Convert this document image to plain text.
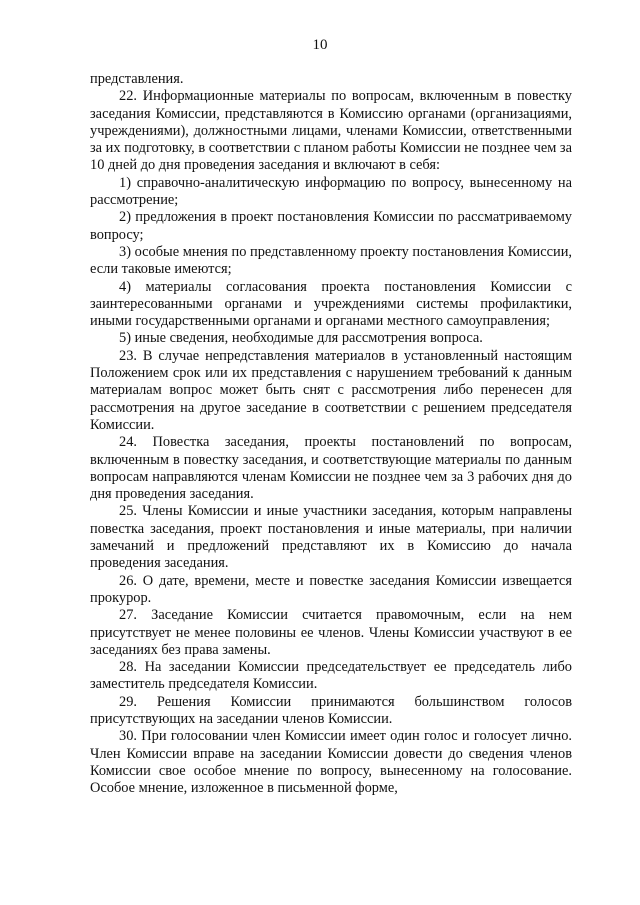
10

представления.

22. Информационные материалы по вопросам, включенным в повестку заседания Комиссии, представляются в Комиссию органами (организациями, учреждениями), должностными лицами, членами Комиссии, ответственными за их подготовку, в соответствии с планом работы Комиссии не позднее чем за 10 дней до дня проведения заседания и включают в себя:

1) справочно-аналитическую информацию по вопросу, вынесенному на рассмотрение;

2) предложения в проект постановления Комиссии по рассматриваемому вопросу;

3) особые мнения по представленному проекту постановления Комиссии, если таковые имеются;

4) материалы согласования проекта постановления Комиссии с заинтересованными органами и учреждениями системы профилактики, иными государственными органами и органами местного самоуправления;

5) иные сведения, необходимые для рассмотрения вопроса.

23. В случае непредставления материалов в установленный настоящим Положением срок или их представления с нарушением требований к данным материалам вопрос может быть снят с рассмотрения либо перенесен для рассмотрения на другое заседание в соответствии с решением председателя Комиссии.

24. Повестка заседания, проекты постановлений по вопросам, включенным в повестку заседания, и соответствующие материалы по данным вопросам направляются членам Комиссии не позднее чем за 3 рабочих дня до дня проведения заседания.

25. Члены Комиссии и иные участники заседания, которым направлены повестка заседания, проект постановления и иные материалы, при наличии замечаний и предложений представляют их в Комиссию до начала проведения заседания.

26. О дате, времени, месте и повестке заседания Комиссии извещается прокурор.

27. Заседание Комиссии считается правомочным, если на нем присутствует не менее половины ее членов. Члены Комиссии участвуют в ее заседаниях без права замены.

28. На заседании Комиссии председательствует ее председатель либо заместитель председателя Комиссии.

29. Решения Комиссии принимаются большинством голосов присутствующих на заседании членов Комиссии.

30. При голосовании член Комиссии имеет один голос и голосует лично. Член Комиссии вправе на заседании Комиссии довести до сведения членов Комиссии свое особое мнение по вопросу, вынесенному на голосование. Особое мнение, изложенное в письменной форме,
